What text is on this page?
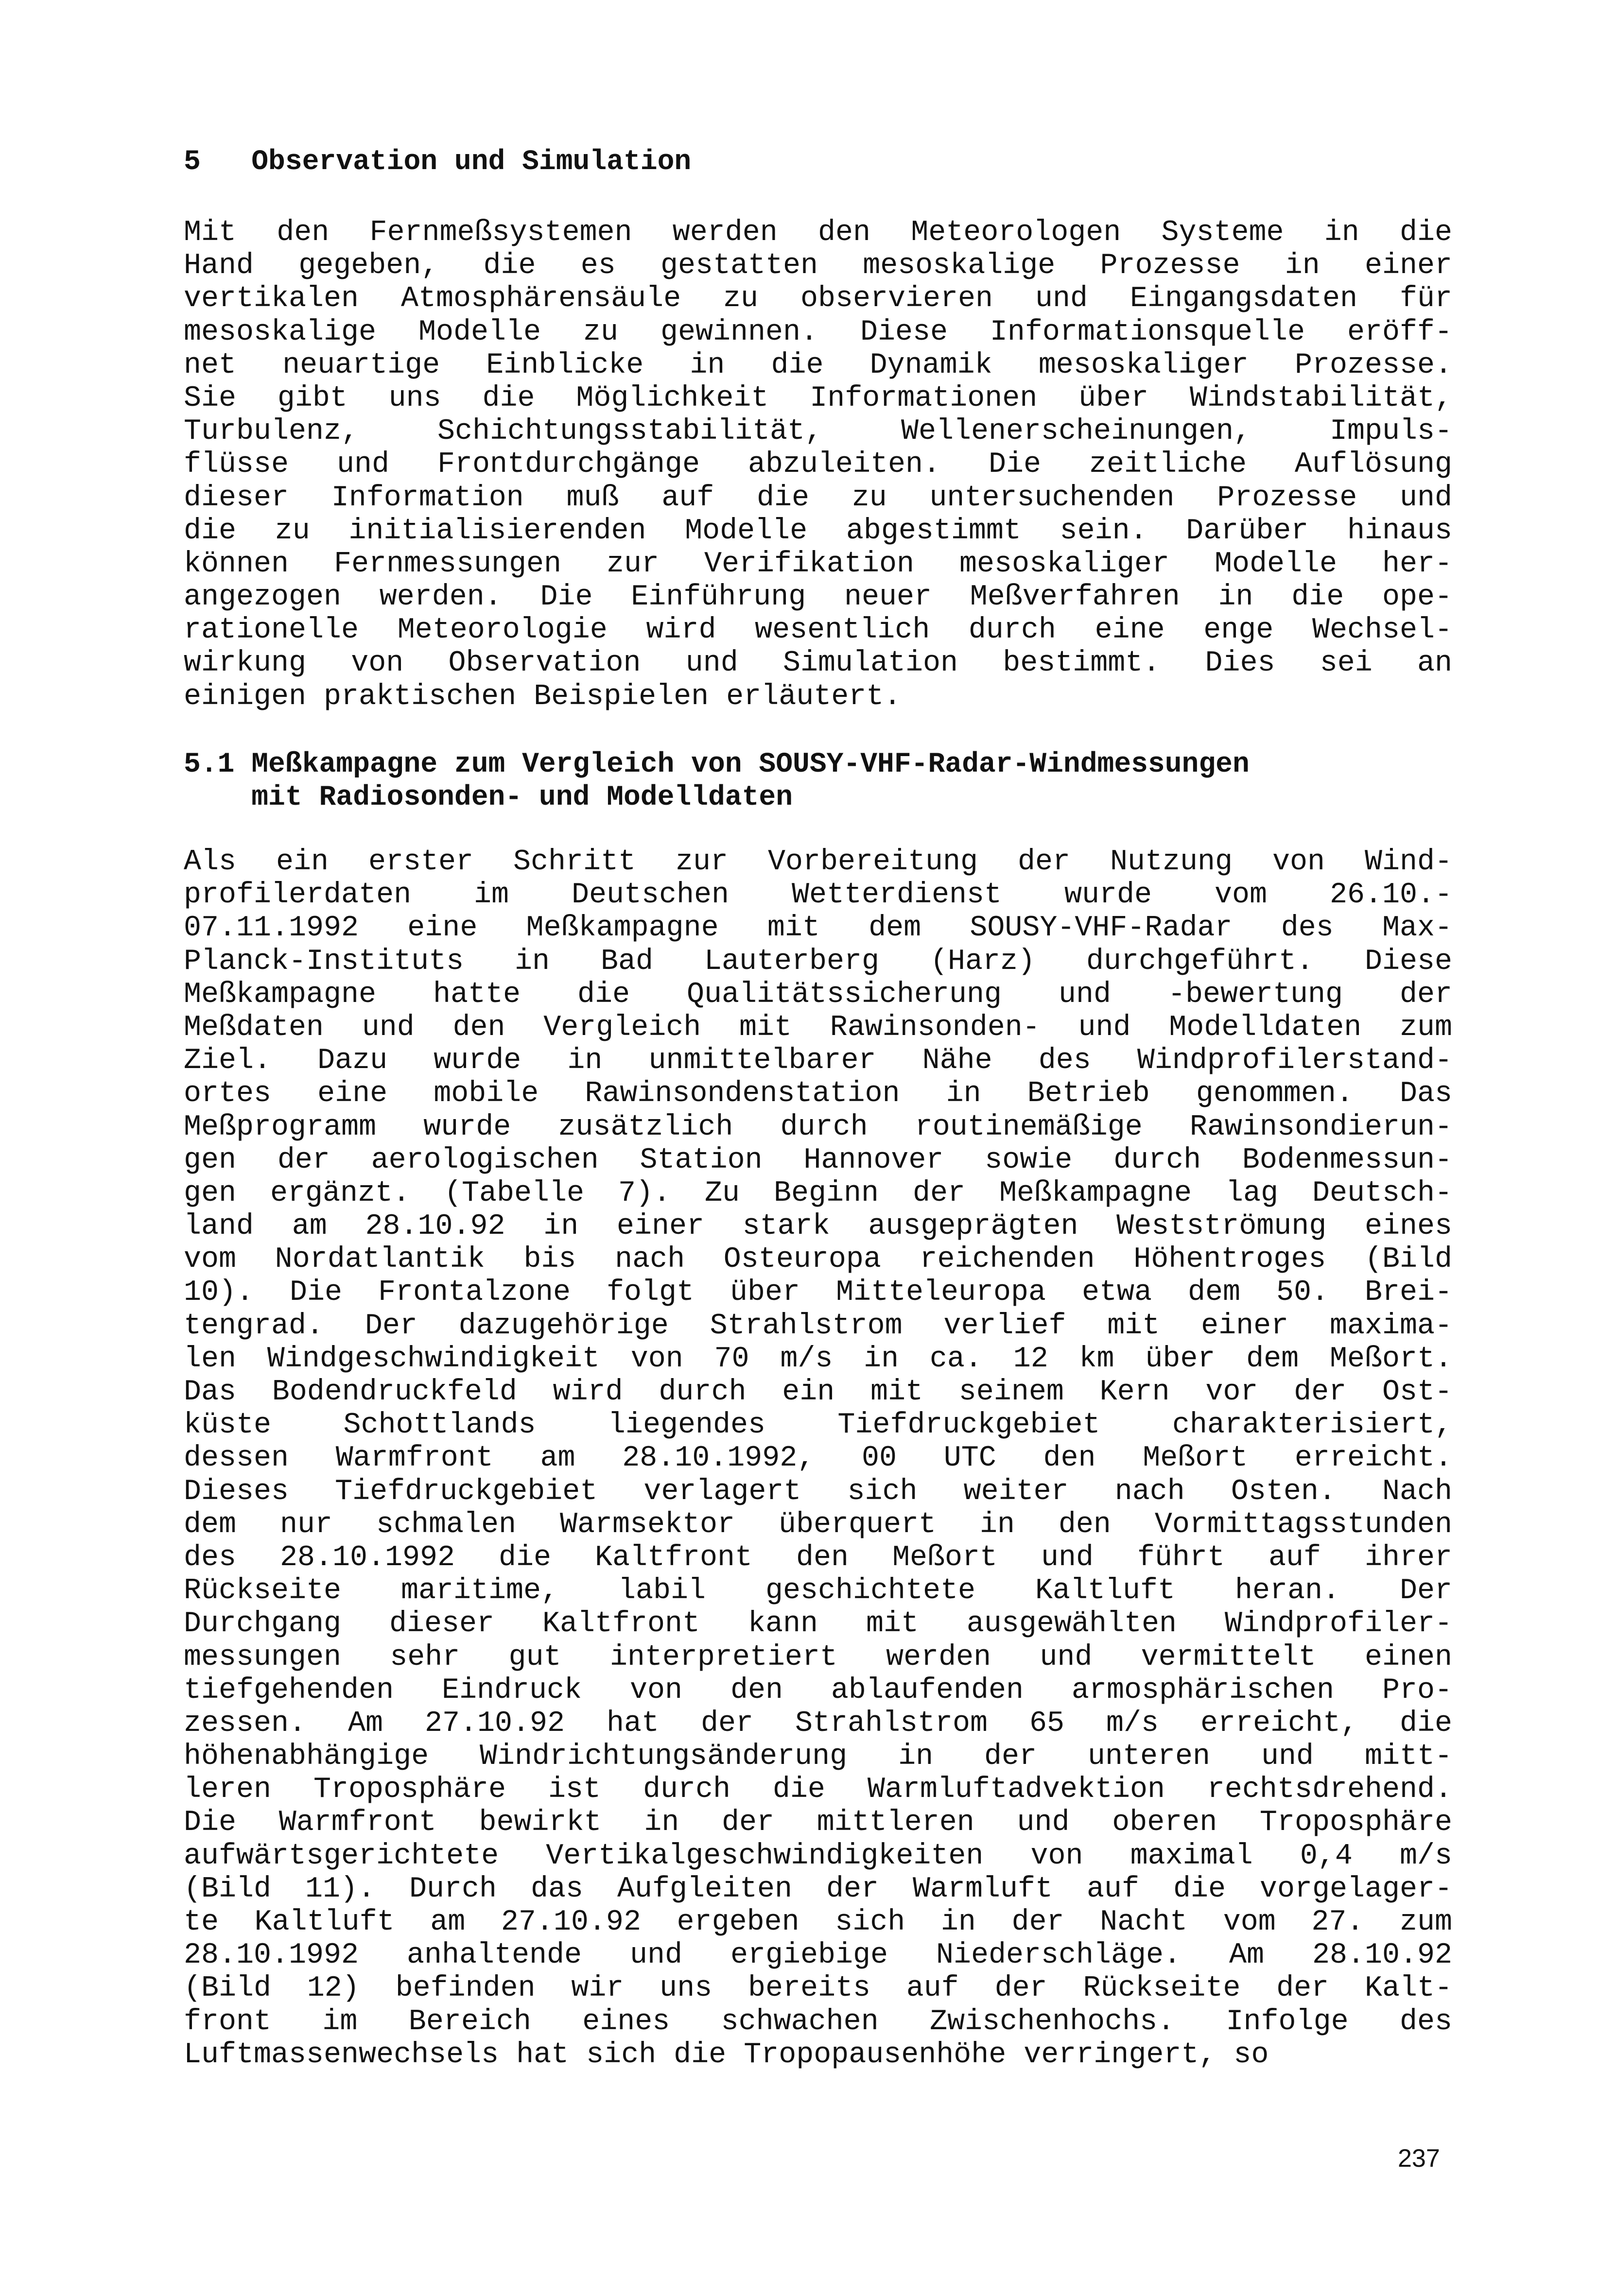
5 Observation und Simulation
Mit den Fernmeßsystemen werden den Meteorologen Systeme in die
Hand gegeben, die es gestatten mesoskalige Prozesse in einer
vertikalen Atmosphärensäule zu observieren und Eingangsdaten für
mesoskalige Modelle zu gewinnen. Diese Informationsquelle eröff-
net neuartige Einblicke in die Dynamik mesoskaliger Prozesse.
Sie gibt uns die Möglichkeit Informationen über Windstabilität,
Turbulenz, Schichtungsstabilität, Wellenerscheinungen, Impuls-
flüsse und Frontdurchgänge abzuleiten. Die zeitliche Auflösung
dieser Information muß auf die zu untersuchenden Prozesse und
die zu initialisierenden Modelle abgestimmt sein. Darüber hinaus
können Fernmessungen zur Verifikation mesoskaliger Modelle her-
angezogen werden. Die Einführung neuer Meßverfahren in die ope-
rationelle Meteorologie wird wesentlich durch eine enge Wechsel-
wirkung von Observation und Simulation bestimmt. Dies sei an
einigen praktischen Beispielen erläutert.
5.1 Meßkampagne zum Vergleich von SOUSY-VHF-Radar-Windmessungen
mit Radiosonden- und Modelldaten
Als ein erster Schritt zur Vorbereitung der Nutzung von Wind-
profilerdaten im Deutschen Wetterdienst wurde vom 26.10.-
07.11.1992 eine Meßkampagne mit dem SOUSY-VHF-Radar des Max-
Planck-Instituts in Bad Lauterberg (Harz) durchgeführt. Diese
Meßkampagne hatte die Qualitätssicherung und -bewertung der
Meßdaten und den Vergleich mit Rawinsonden- und Modelldaten zum
Ziel. Dazu wurde in unmittelbarer Nähe des Windprofilerstand-
ortes eine mobile Rawinsondenstation in Betrieb genommen. Das
Meßprogramm wurde zusätzlich durch routinemäßige Rawinsondierun-
gen der aerologischen Station Hannover sowie durch Bodenmessun-
gen ergänzt. (Tabelle 7). Zu Beginn der Meßkampagne lag Deutsch-
land am 28.10.92 in einer stark ausgeprägten Westströmung eines
vom Nordatlantik bis nach Osteuropa reichenden Höhentroges (Bild
10). Die Frontalzone folgt über Mitteleuropa etwa dem 50. Brei-
tengrad. Der dazugehörige Strahlstrom verlief mit einer maxima-
len Windgeschwindigkeit von 70 m/s in ca. 12 km über dem Meßort.
Das Bodendruckfeld wird durch ein mit seinem Kern vor der Ost-
küste Schottlands liegendes Tiefdruckgebiet charakterisiert,
dessen Warmfront am 28.10.1992, 00 UTC den Meßort erreicht.
Dieses Tiefdruckgebiet verlagert sich weiter nach Osten. Nach
dem nur schmalen Warmsektor überquert in den Vormittagsstunden
des 28.10.1992 die Kaltfront den Meßort und führt auf ihrer
Rückseite maritime, labil geschichtete Kaltluft heran. Der
Durchgang dieser Kaltfront kann mit ausgewählten Windprofiler-
messungen sehr gut interpretiert werden und vermittelt einen
tiefgehenden Eindruck von den ablaufenden armosphärischen Pro-
zessen. Am 27.10.92 hat der Strahlstrom 65 m/s erreicht, die
höhenabhängige Windrichtungsänderung in der unteren und mitt-
leren Troposphäre ist durch die Warmluftadvektion rechtsdrehend.
Die Warmfront bewirkt in der mittleren und oberen Troposphäre
aufwärtsgerichtete Vertikalgeschwindigkeiten von maximal 0,4 m/s
(Bild 11). Durch das Aufgleiten der Warmluft auf die vorgelager-
te Kaltluft am 27.10.92 ergeben sich in der Nacht vom 27. zum
28.10.1992 anhaltende und ergiebige Niederschläge. Am 28.10.92
(Bild 12) befinden wir uns bereits auf der Rückseite der Kalt-
front im Bereich eines schwachen Zwischenhochs. Infolge des
Luftmassenwechsels hat sich die Tropopausenhöhe verringert, so
237
